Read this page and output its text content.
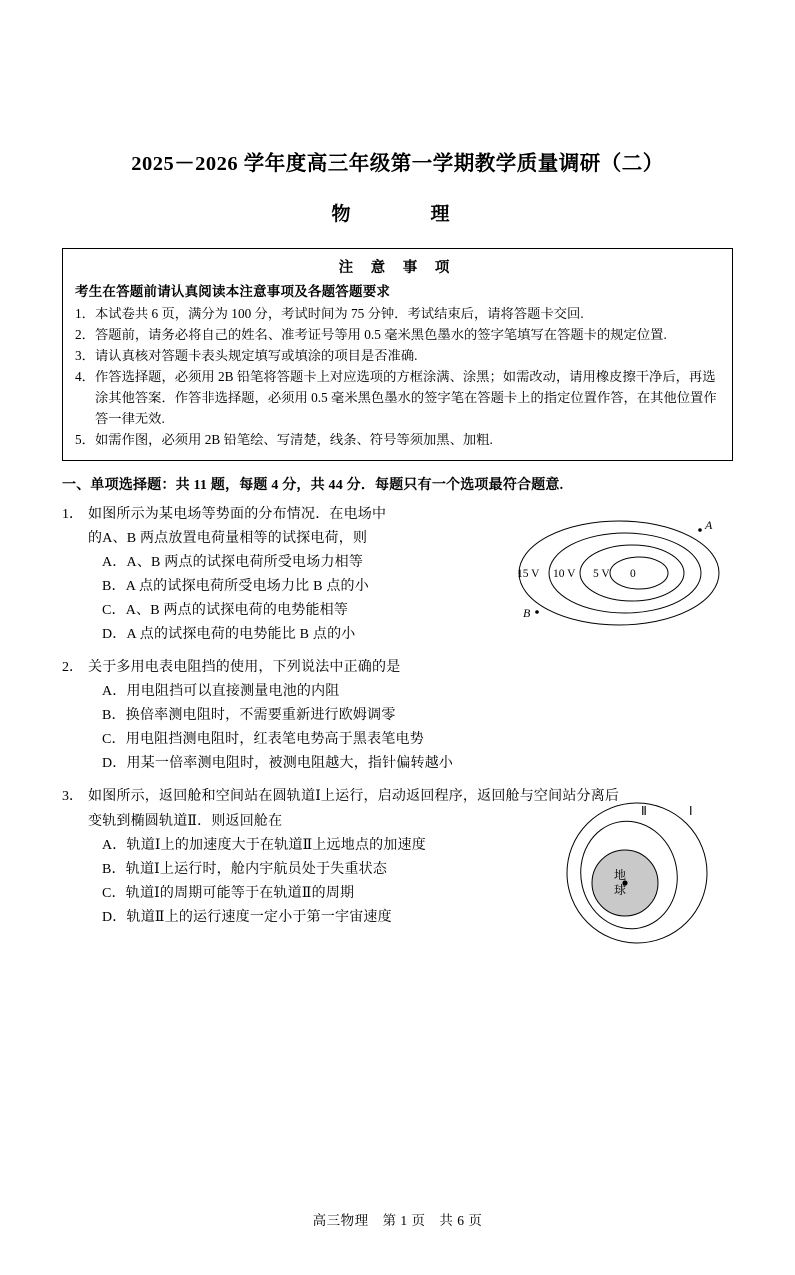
2025－2026 学年度高三年级第一学期教学质量调研（二）
物　　理
注 意 事 项
考生在答题前请认真阅读本注意事项及各题答题要求
1． 本试卷共 6 页，满分为 100 分，考试时间为 75 分钟．考试结束后，请将答题卡交回.
2． 答题前，请务必将自己的姓名、准考证号等用 0.5 毫米黑色墨水的签字笔填写在答题卡的规定位置.
3． 请认真核对答题卡表头规定填写或填涂的项目是否准确.
4． 作答选择题，必须用 2B 铅笔将答题卡上对应选项的方框涂满、涂黑；如需改动，请用橡皮擦干净后，再选涂其他答案．作答非选择题，必须用 0.5 毫米黑色墨水的签字笔在答题卡上的指定位置作答，在其他位置作答一律无效.
5． 如需作图，必须用 2B 铅笔绘、写清楚，线条、符号等须加黑、加粗.
一、单项选择题：共 11 题，每题 4 分，共 44 分．每题只有一个选项最符合题意.
1． 如图所示为某电场等势面的分布情况．在电场中
的A、B 两点放置电荷量相等的试探电荷，则
A．A、B 两点的试探电荷所受电场力相等
B．A 点的试探电荷所受电场力比 B 点的小
C．A、B 两点的试探电荷的电势能相等
D．A 点的试探电荷的电势能比 B 点的小
A
B
15 V 10 V 5 V 0
2． 关于多用电表电阻挡的使用，下列说法中正确的是
A．用电阻挡可以直接测量电池的内阻
B．换倍率测电阻时，不需要重新进行欧姆调零
C．用电阻挡测电阻时，红表笔电势高于黑表笔电势
D．用某一倍率测电阻时，被测电阻越大，指针偏转越小
3． 如图所示，返回舱和空间站在圆轨道Ⅰ上运行，启动返回程序，返回舱与空间站分离后
变轨到椭圆轨道Ⅱ．则返回舱在
A．轨道Ⅰ上的加速度大于在轨道Ⅱ上远地点的加速度
B．轨道Ⅰ上运行时，舱内宇航员处于失重状态
C．轨道Ⅰ的周期可能等于在轨道Ⅱ的周期
D．轨道Ⅱ上的运行速度一定小于第一宇宙速度
Ⅱ	Ⅰ
地
球
高三物理 第 1 页 共 6 页
